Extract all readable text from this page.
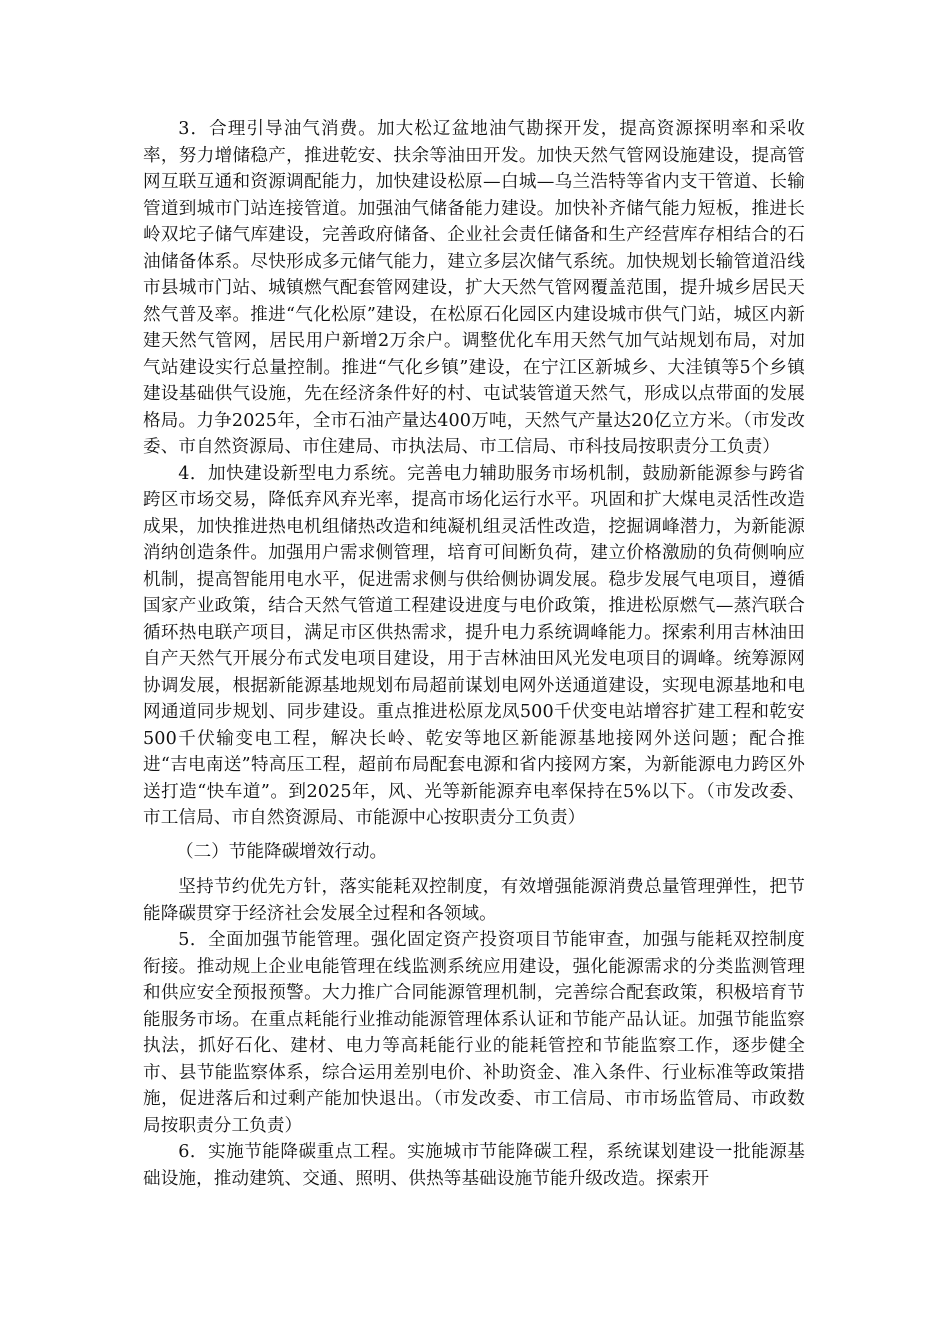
3．合理引导油气消费。加大松辽盆地油气勘探开发，提高资源探明率和采收率，努力增储稳产，推进乾安、扶余等油田开发。加快天然气管网设施建设，提高管网互联互通和资源调配能力，加快建设松原—白城—乌兰浩特等省内支干管道、长输管道到城市门站连接管道。加强油气储备能力建设。加快补齐储气能力短板，推进长岭双坨子储气库建设，完善政府储备、企业社会责任储备和生产经营库存相结合的石油储备体系。尽快形成多元储气能力，建立多层次储气系统。加快规划长输管道沿线市县城市门站、城镇燃气配套管网建设，扩大天然气管网覆盖范围，提升城乡居民天然气普及率。推进“气化松原”建设，在松原石化园区内建设城市供气门站，城区内新建天然气管网，居民用户新增2万余户。调整优化车用天然气加气站规划布局，对加气站建设实行总量控制。推进“气化乡镇”建设，在宁江区新城乡、大洼镇等5个乡镇建设基础供气设施，先在经济条件好的村、屯试装管道天然气，形成以点带面的发展格局。力争2025年，全市石油产量达400万吨，天然气产量达20亿立方米。（市发改委、市自然资源局、市住建局、市执法局、市工信局、市科技局按职责分工负责）

4．加快建设新型电力系统。完善电力辅助服务市场机制，鼓励新能源参与跨省跨区市场交易，降低弃风弃光率，提高市场化运行水平。巩固和扩大煤电灵活性改造成果，加快推进热电机组储热改造和纯凝机组灵活性改造，挖掘调峰潜力，为新能源消纳创造条件。加强用户需求侧管理，培育可间断负荷，建立价格激励的负荷侧响应机制，提高智能用电水平，促进需求侧与供给侧协调发展。稳步发展气电项目，遵循国家产业政策，结合天然气管道工程建设进度与电价政策，推进松原燃气—蒸汽联合循环热电联产项目，满足市区供热需求，提升电力系统调峰能力。探索利用吉林油田自产天然气开展分布式发电项目建设，用于吉林油田风光发电项目的调峰。统筹源网协调发展，根据新能源基地规划布局超前谋划电网外送通道建设，实现电源基地和电网通道同步规划、同步建设。重点推进松原龙凤500千伏变电站增容扩建工程和乾安500千伏输变电工程，解决长岭、乾安等地区新能源基地接网外送问题；配合推进“吉电南送”特高压工程，超前布局配套电源和省内接网方案，为新能源电力跨区外送打造“快车道”。到2025年，风、光等新能源弃电率保持在5%以下。（市发改委、市工信局、市自然资源局、市能源中心按职责分工负责）

（二）节能降碳增效行动。

坚持节约优先方针，落实能耗双控制度，有效增强能源消费总量管理弹性，把节能降碳贯穿于经济社会发展全过程和各领域。

5．全面加强节能管理。强化固定资产投资项目节能审查，加强与能耗双控制度衔接。推动规上企业电能管理在线监测系统应用建设，强化能源需求的分类监测管理和供应安全预报预警。大力推广合同能源管理机制，完善综合配套政策，积极培育节能服务市场。在重点耗能行业推动能源管理体系认证和节能产品认证。加强节能监察执法，抓好石化、建材、电力等高耗能行业的能耗管控和节能监察工作，逐步健全市、县节能监察体系，综合运用差别电价、补助资金、准入条件、行业标准等政策措施，促进落后和过剩产能加快退出。（市发改委、市工信局、市市场监管局、市政数局按职责分工负责）

6．实施节能降碳重点工程。实施城市节能降碳工程，系统谋划建设一批能源基础设施，推动建筑、交通、照明、供热等基础设施节能升级改造。探索开
